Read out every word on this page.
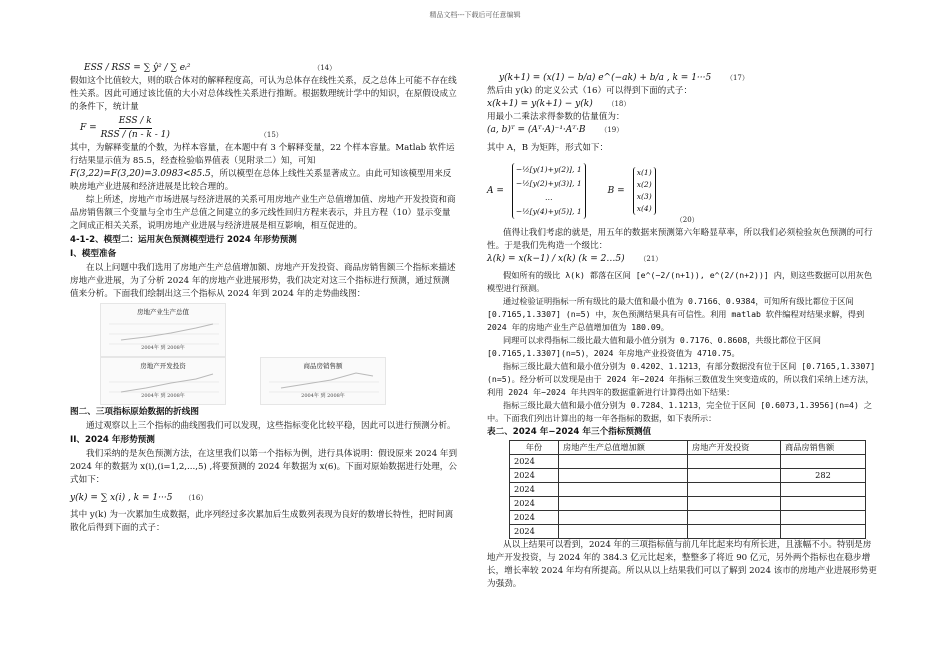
精品文档---下载后可任意编辑
ESS / RSS = ∑ ŷ² / ∑ eᵢ²	（14）

假如这个比值较大，则的联合体对的解释程度高，可认为总体存在线性关系，反之总体上可能不存在线性关系。因此可通过该比值的大小对总体线性关系进行推断。根据数理统计学中的知识，在原假设成立的条件下，统计量

F =
ESS / k
RSS / (n - k - 1)	（15）

其中，为解释变量的个数，为样本容量，在本题中有 3 个解释变量，22 个样本容量。Matlab 软件运行结果显示值为 85.5，经查检验临界值表（见附录二）知，可知

F(3,22)=F(3,20)=3.0983<85.5，所以模型在总体上线性关系显著成立。由此可知该模型用来反映房地产业进展和经济进展是比较合理的。

综上所述，房地产市场进展与经济进展的关系可用房地产业生产总值增加值、房地产开发投资和商品房销售额三个变量与全市生产总值之间建立的多元线性回归方程来表示，并且方程（10）显示变量之间成正相关关系，说明房地产业进展与经济进展是相互影响，相互促进的。

4-1-2、模型二：运用灰色预测模型进行 2024 年形势预测
I、模型准备

在以上问题中我们选用了房地产生产总值增加额、房地产开发投资、商品房销售额三个指标来描述房地产业进展，为了分析 2024 年的房地产业进展形势，我们决定对这三个指标进行预测，通过预测值来分析。下面我们绘制出这三个指标从 2024 年到 2024 年的走势曲线图：

房地产业生产总值
2004年 到 2008年
房地产开发投资
2004年 到 2008年
商品房销售额
2004年 到 2008年
图二、三项指标原始数据的折线图

通过观察以上三个指标的曲线图我们可以发现，这些指标变化比较平稳，因此可以进行预测分析。

II、2024 年形势预测

我们采纳的是灰色预测方法，在这里我们以第一个指标为例，进行具体说明：假设原来 2024 年到 2024 年的数据为 x(i),(i=1,2,...,5) ,将要预测的 2024 年数据为 x(6)。下面对原始数据进行处理，公式如下：

y(k) = ∑ x(i) , k = 1···5 （16）

其中 y(k) 为一次累加生成数据，此序列经过多次累加后生成数列表现为良好的数增长特性，把时间离散化后得到下面的式子：

y(k+1) = (x(1) − b/a) e^(−ak) + b/a , k = 1···5 （17）

然后由 y(k) 的定义公式（16）可以得到下面的式子：

x(k+1) = y(k+1) − y(k) （18）

用最小二乘法求得参数的估量值为：

(a, b)ᵀ = (Aᵀ·A)⁻¹·Aᵀ·B （19）

其中 A，B 为矩阵，形式如下：

A =
−½[y(1)+y(2)], 1
−½[y(2)+y(3)], 1
…
−½[y(4)+y(5)], 1
B =
x(1)
x(2)
x(3)
x(4)
（20）

值得让我们考虑的就是，用五年的数据来预测第六年略显草率，所以我们必须检验灰色预测的可行性。于是我们先构造一个级比：

λ(k) = x(k−1) / x(k) (k = 2…5) （21）

假如所有的级比 λ(k) 都落在区间 [e^(−2/(n+1)), e^(2/(n+2))] 内，则这些数据可以用灰色模型进行预测。

通过检验证明指标一所有级比的最大值和最小值为 0.7166、0.9384，可知所有级比都位于区间 [0.7165,1.3307] (n=5) 中，灰色预测结果具有可信性。利用 matlab 软件编程对结果求解，得到 2024 年的房地产业生产总值增加值为 180.09。

同理可以求得指标二级比最大值和最小值分别为 0.7176、0.8608，共级比都位于区间 [0.7165,1.3307](n=5)，2024 年房地产业投资值为 4710.75。

指标三级比最大值和最小值分别为 0.4202、1.1213，有部分数据没有位于区间 [0.7165,1.3307](n=5)。经分析可以发现是由于 2024 年−2024 年指标三数值发生突变造成的，所以我们采纳上述方法，利用 2024 年−2024 年共四年的数据重新进行计算得出如下结果：

指标三级比最大值和最小值分别为 0.7284、1.1213，完全位于区间 [0.6073,1.3956](n=4) 之中。下面我们列出计算出的每一年各指标的数据，如下表所示：

表二、2024 年−2024 年三个指标预测值
年份	房地产生产总值增加额	房地产开发投资	商品房销售额
2024			
2024			282
2024			
2024			
2024			
2024			

从以上结果可以看到，2024 年的三项指标值与前几年比起来均有所长进，且涨幅不小。特别是房地产开发投资，与 2024 年的 384.3 亿元比起来，整整多了将近 90 亿元，另外两个指标也在稳步增长，增长率较 2024 年均有所提高。所以从以上结果我们可以了解到 2024 该市的房地产业进展形势更为强劲。
